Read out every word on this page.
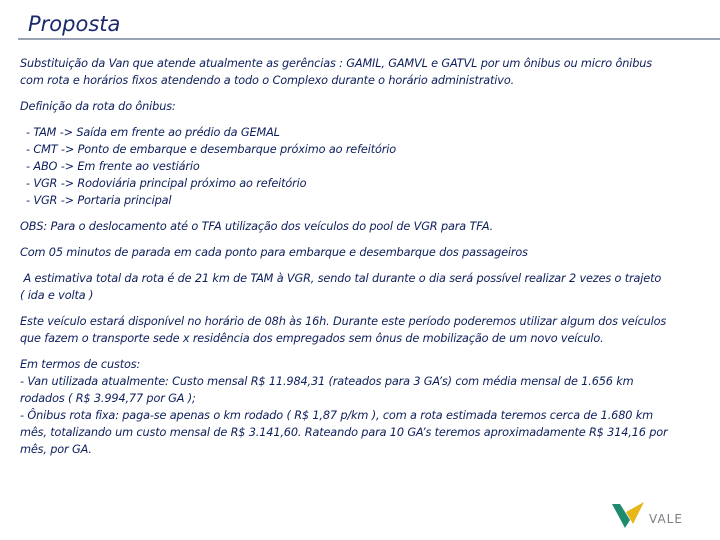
Proposta

Substituição da Van que atende atualmente as gerências : GAMIL, GAMVL e GATVL por um ônibus ou micro ônibus
com rota e horários fixos atendendo a todo o Complexo durante o horário administrativo.

Definição da rota do ônibus:

- TAM -> Saída em frente ao prédio da GEMAL
- CMT -> Ponto de embarque e desembarque próximo ao refeitório
- ABO -> Em frente ao vestiário
- VGR -> Rodoviária principal próximo ao refeitório
- VGR -> Portaria principal

OBS: Para o deslocamento até o TFA utilização dos veículos do pool de VGR para TFA.

Com 05 minutos de parada em cada ponto para embarque e desembarque dos passageiros

A estimativa total da rota é de 21 km de TAM à VGR, sendo tal durante o dia será possível realizar 2 vezes o trajeto
( ida e volta )

Este veículo estará disponível no horário de 08h às 16h. Durante este período poderemos utilizar algum dos veículos
que fazem o transporte sede x residência dos empregados sem ônus de mobilização de um novo veículo.

Em termos de custos:
- Van utilizada atualmente: Custo mensal R$ 11.984,31 (rateados para 3 GA’s) com média mensal de 1.656 km
rodados ( R$ 3.994,77 por GA );
- Ônibus rota fixa: paga-se apenas o km rodado ( R$ 1,87 p/km ), com a rota estimada teremos cerca de 1.680 km
mês, totalizando um custo mensal de R$ 3.141,60. Rateando para 10 GA’s teremos aproximadamente R$ 314,16 por
mês, por GA.

VALE
